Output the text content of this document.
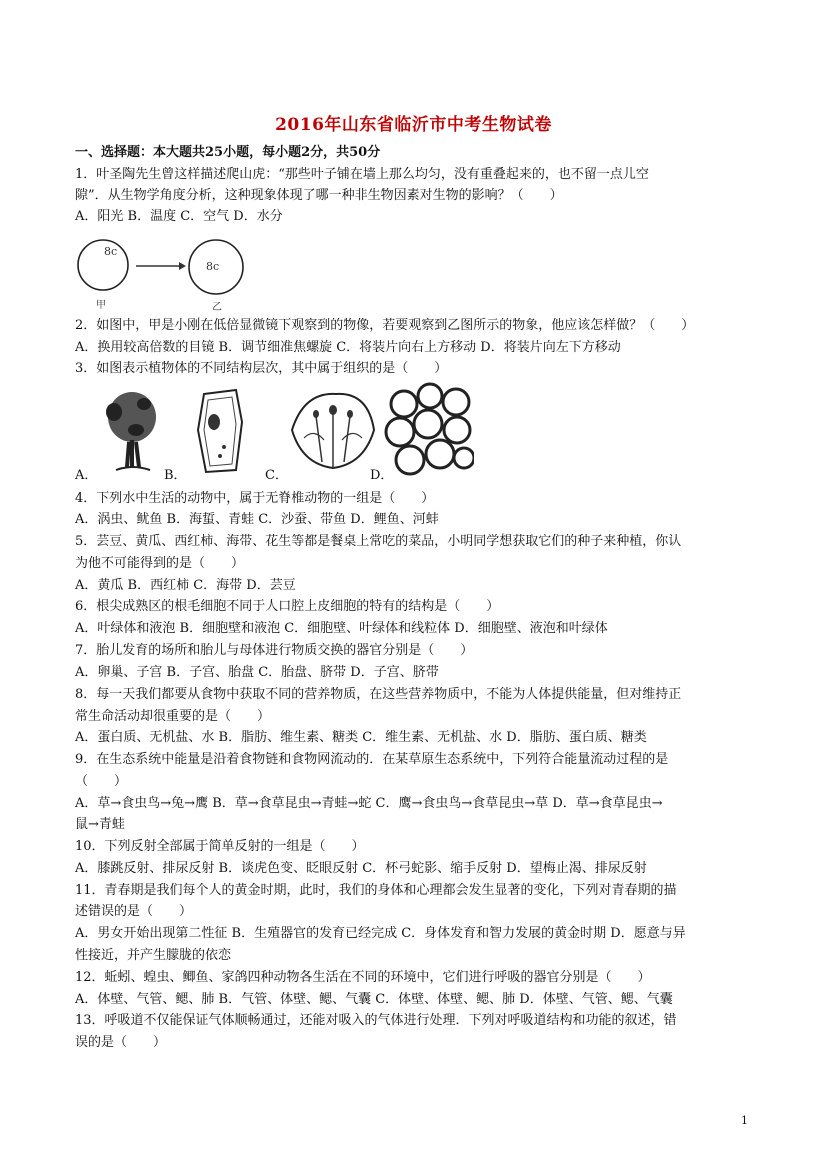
2016年山东省临沂市中考生物试卷
一、选择题：本大题共25小题，每小题2分，共50分
1．叶圣陶先生曾这样描述爬山虎：“那些叶子铺在墙上那么均匀，没有重叠起来的，也不留一点儿空
隙”．从生物学角度分析，这种现象体现了哪一种非生物因素对生物的影响？（　　）
A．阳光 B．温度 C．空气 D．水分
8c
8c
甲	乙
2．如图中，甲是小刚在低倍显微镜下观察到的物像，若要观察到乙图所示的物象，他应该怎样做？（　　）
A．换用较高倍数的目镜 B．调节细准焦螺旋 C．将装片向右上方移动 D．将装片向左下方移动
3．如图表示植物体的不同结构层次，其中属于组织的是（　　）
A．	B．	C．	D．
4．下列水中生活的动物中，属于无脊椎动物的一组是（　　）
A．涡虫、鱿鱼 B．海蜇、青蛙 C．沙蚕、带鱼 D．鲤鱼、河蚌
5．芸豆、黄瓜、西红柿、海带、花生等都是餐桌上常吃的菜品，小明同学想获取它们的种子来种植，你认
为他不可能得到的是（　　）
A．黄瓜 B．西红柿 C．海带 D．芸豆
6．根尖成熟区的根毛细胞不同于人口腔上皮细胞的特有的结构是（　　）
A．叶绿体和液泡 B．细胞壁和液泡 C．细胞壁、叶绿体和线粒体 D．细胞壁、液泡和叶绿体
7．胎儿发育的场所和胎儿与母体进行物质交换的器官分别是（　　）
A．卵巢、子宫 B．子宫、胎盘 C．胎盘、脐带 D．子宫、脐带
8．每一天我们都要从食物中获取不同的营养物质，在这些营养物质中，不能为人体提供能量，但对维持正
常生命活动却很重要的是（　　）
A．蛋白质、无机盐、水 B．脂肪、维生素、糖类 C．维生素、无机盐、水 D．脂肪、蛋白质、糖类
9．在生态系统中能量是沿着食物链和食物网流动的．在某草原生态系统中，下列符合能量流动过程的是
（　　）
A．草→食虫鸟→兔→鹰 B．草→食草昆虫→青蛙→蛇 C．鹰→食虫鸟→食草昆虫→草 D．草→食草昆虫→
鼠→青蛙
10．下列反射全部属于简单反射的一组是（　　）
A．膝跳反射、排尿反射 B．谈虎色变、眨眼反射 C．杯弓蛇影、缩手反射 D．望梅止渴、排尿反射
11．青春期是我们每个人的黄金时期，此时，我们的身体和心理都会发生显著的变化，下列对青春期的描
述错误的是（　　）
A．男女开始出现第二性征 B．生殖器官的发育已经完成 C．身体发育和智力发展的黄金时期 D．愿意与异
性接近，并产生朦胧的依恋
12．蚯蚓、蝗虫、鲫鱼、家鸽四种动物各生活在不同的环境中，它们进行呼吸的器官分别是（　　）
A．体壁、气管、鳃、肺 B．气管、体壁、鳃、气囊 C．体壁、体壁、鳃、肺 D．体壁、气管、鳃、气囊
13．呼吸道不仅能保证气体顺畅通过，还能对吸入的气体进行处理．下列对呼吸道结构和功能的叙述，错
误的是（　　）
1
